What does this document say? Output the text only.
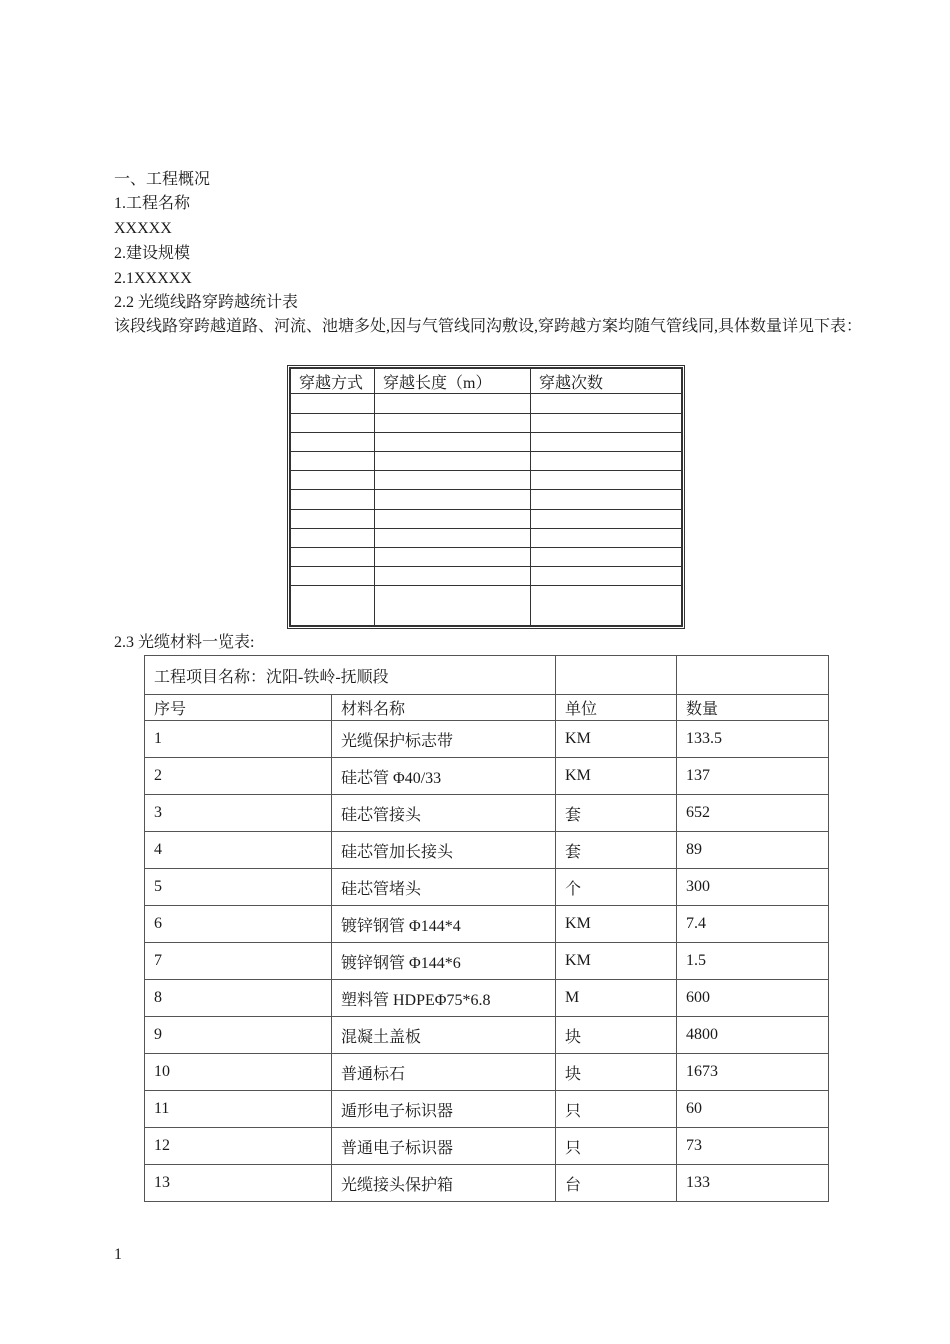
一、工程概况
1.工程名称
XXXXX
2.建设规模
2.1XXXXX
2.2 光缆线路穿跨越统计表
该段线路穿跨越道路、河流、池塘多处,因与气管线同沟敷设,穿跨越方案均随气管线同,具体数量详见下表：
穿越方式	穿越长度（m）	穿越次数

2.3 光缆材料一览表:
工程项目名称：沈阳-铁岭-抚顺段			
序号	材料名称	单位	数量
1	光缆保护标志带	KM	133.5
2	硅芯管 Φ40/33	KM	137
3	硅芯管接头	套	652
4	硅芯管加长接头	套	89
5	硅芯管堵头	个	300
6	镀锌钢管 Φ144*4	KM	7.4
7	镀锌钢管 Φ144*6	KM	1.5
8	塑料管 HDPEΦ75*6.8	M	600
9	混凝土盖板	块	4800
10	普通标石	块	1673
11	遁形电子标识器	只	60
12	普通电子标识器	只	73
13	光缆接头保护箱	台	133
1
